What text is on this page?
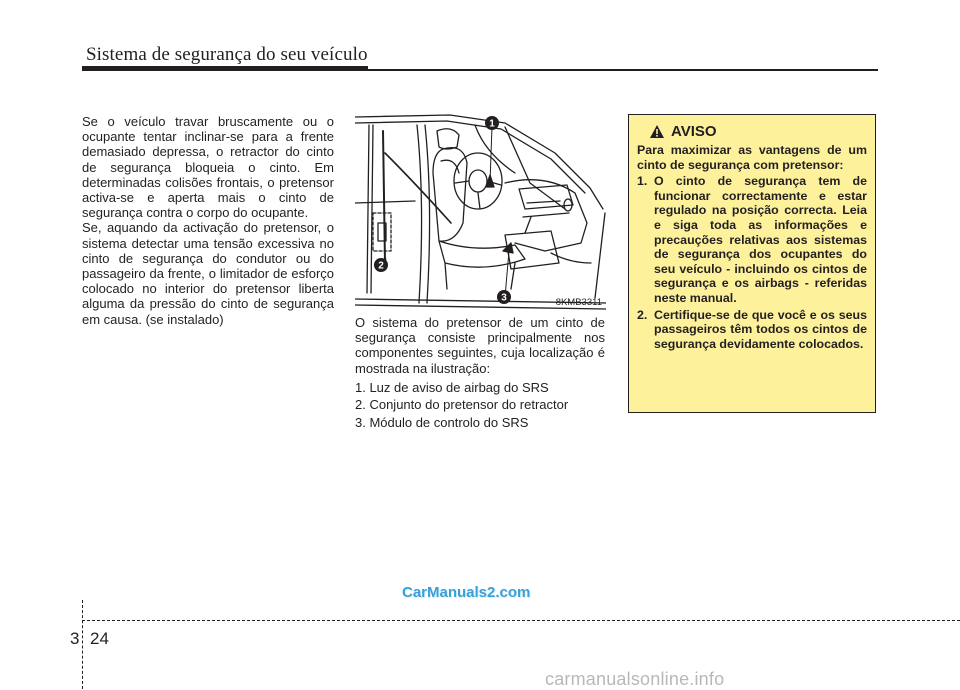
Sistema de segurança do seu veículo

Se o veículo travar bruscamente ou o ocupante tentar inclinar-se para a frente demasiado depressa, o retractor do cinto de segurança bloqueia o cinto. Em determinadas colisões frontais, o pretensor activa-se e aperta mais o cinto de segurança contra o corpo do ocupante.

Se, aquando da activação do pretensor, o sistema detectar uma tensão excessiva no cinto de segurança do condutor ou do passageiro da frente, o limitador de esforço colocado no interior do pretensor liberta alguma da pressão do cinto de segurança em causa. (se instalado)

1
2
3	8KMB3311

O sistema do pretensor de um cinto de segurança consiste principalmente nos componentes seguintes, cuja localização é mostrada na ilustração:

1. Luz de aviso de airbag do SRS

2. Conjunto do pretensor do retractor

3. Módulo de controlo do SRS

AVISO

Para maximizar as vantagens de um cinto de segurança com pretensor:

1. O cinto de segurança tem de funcionar correctamente e estar regulado na posição correcta. Leia e siga toda as informações e precauções relativas aos sistemas de segurança dos ocupantes do seu veículo - incluindo os cintos de segurança e os airbags - referidas neste manual.
2. Certifique-se de que você e os seus passageiros têm todos os cintos de segurança devidamente colocados.
CarManuals2.com
3 24
carmanualsonline.info
